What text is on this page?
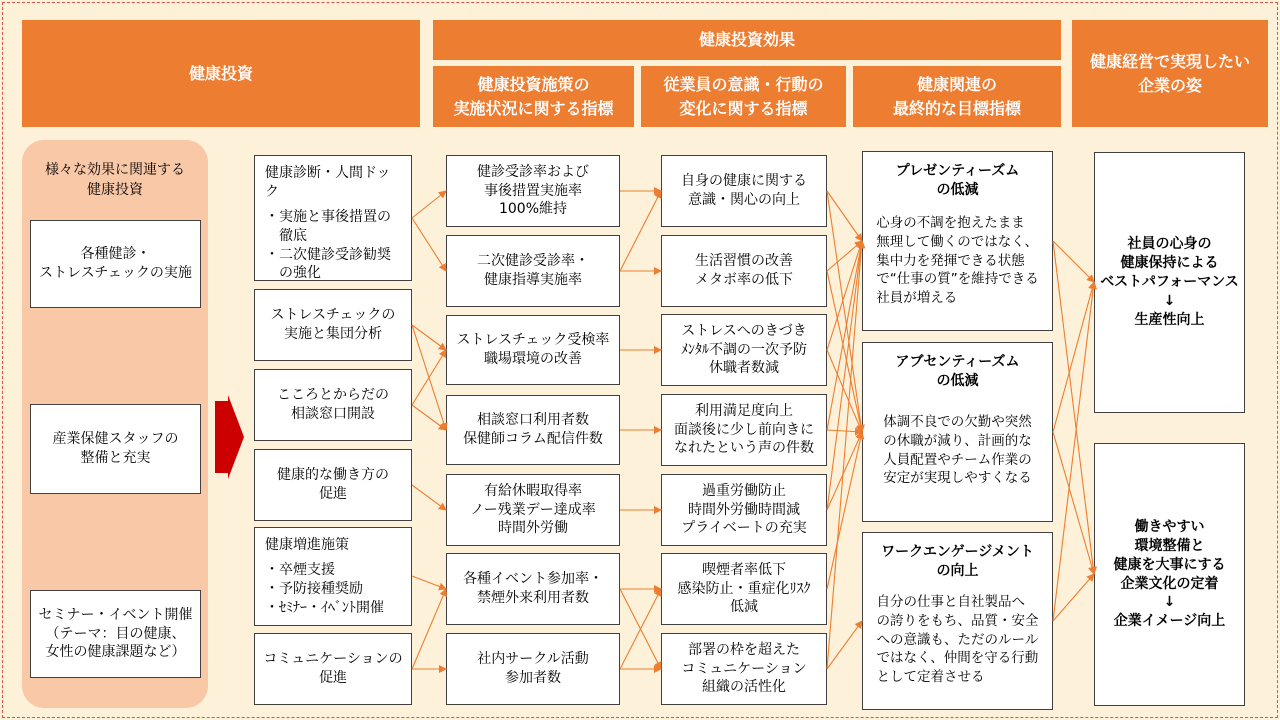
健康投資
健康投資効果
健康経営で実現したい
企業の姿
健康投資施策の
実施状況に関する指標
従業員の意識・行動の
変化に関する指標
健康関連の
最終的な目標指標
様々な効果に関連する
健康投資
各種健診・
ストレスチェックの実施
産業保健スタッフの
整備と充実
セミナー・イベント開催
（テーマ：目の健康、
女性の健康課題など）
健康診断・人間ドック
・実施と事後措置の
　徹底
・二次健診受診勧奨
　の強化
ストレスチェックの
実施と集団分析
こころとからだの
相談窓口開設
健康的な働き方の
促進
健康増進施策
・卒煙支援
・予防接種奨励
・ｾﾐﾅｰ・ｲﾍﾞﾝﾄ開催
コミュニケーションの
促進
健診受診率および
事後措置実施率
100%維持
二次健診受診率・
健康指導実施率
ストレスチェック受検率
職場環境の改善
相談窓口利用者数
保健師コラム配信件数
有給休暇取得率
ノー残業デー達成率
時間外労働
各種イベント参加率・
禁煙外来利用者数
社内サークル活動
参加者数
自身の健康に関する
意識・関心の向上
生活習慣の改善
メタボ率の低下
ストレスへのきづき
ﾒﾝﾀﾙ不調の一次予防
休職者数減
利用満足度向上
面談後に少し前向きに
なれたという声の件数
過重労働防止
時間外労働時間減
プライベートの充実
喫煙者率低下
感染防止・重症化ﾘｽｸ
低減
部署の枠を超えた
コミュニケーション
組織の活性化
プレゼンティーズム
の低減
心身の不調を抱えたまま
無理して働くのではなく、
集中力を発揮できる状態
で“仕事の質”を維持できる
社員が増える
アブセンティーズム
の低減
体調不良での欠勤や突然
の休職が減り、計画的な
人員配置やチーム作業の
安定が実現しやすくなる
ワークエンゲージメント
の向上
自分の仕事と自社製品へ
の誇りをもち、品質・安全
への意識も、ただのルール
ではなく、仲間を守る行動
として定着させる
社員の心身の
健康保持による
ベストパフォーマンス
↓
生産性向上
働きやすい
環境整備と
健康を大事にする
企業文化の定着
↓
企業イメージ向上
